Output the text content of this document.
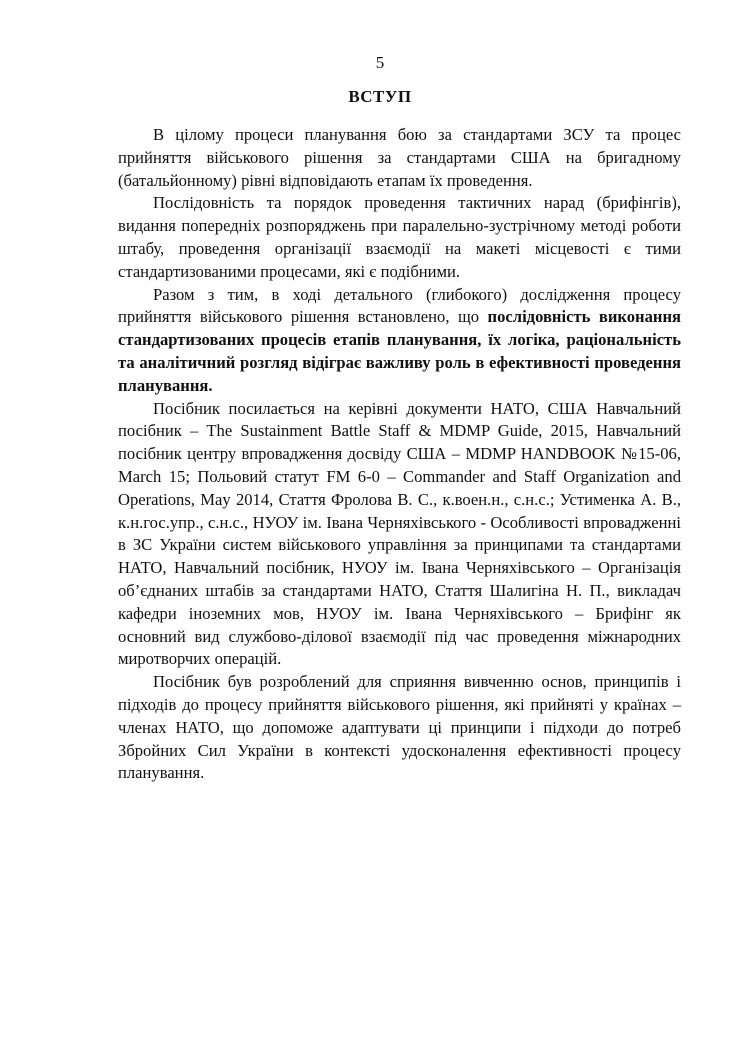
5
ВСТУП

В цілому процеси планування бою за стандартами ЗСУ та процес прийняття військового рішення за стандартами США на бригадному (батальйонному) рівні відповідають етапам їх проведення.

Послідовність та порядок проведення тактичних нарад (брифінгів), видання попередніх розпоряджень при паралельно-зустрічному методі роботи штабу, проведення організації взаємодії на макеті місцевості є тими стандартизованими процесами, які є подібними.

Разом з тим, в ході детального (глибокого) дослідження процесу прийняття військового рішення встановлено, що послідовність виконання стандартизованих процесів етапів планування, їх логіка, раціональність та аналітичний розгляд відіграє важливу роль в ефективності проведення планування.

Посібник посилається на керівні документи НАТО, США Навчальний посібник – The Sustainment Battle Staff & MDMP Guide, 2015, Навчальний посібник центру впровадження досвіду США – MDMP HANDBOOK №15-06, March 15; Польовий статут FM 6-0 – Commander and Staff Organization and Operations, May 2014, Стаття Фролова В. С., к.воен.н., с.н.с.; Устименка А. В., к.н.гос.упр., с.н.с., НУОУ ім. Івана Черняхівського - Особливості впровадженні в ЗС України систем військового управління за принципами та стандартами НАТО, Навчальний посібник, НУОУ ім. Івана Черняхівського – Організація об’єднаних штабів за стандартами НАТО, Стаття Шалигіна Н. П., викладач кафедри іноземних мов, НУОУ ім. Івана Черняхівського – Брифінг як основний вид службово-ділової взаємодії під час проведення міжнародних миротворчих операцій.

Посібник був розроблений для сприяння вивченню основ, принципів і підходів до процесу прийняття військового рішення, які прийняті у країнах – членах НАТО, що допоможе адаптувати ці принципи і підходи до потреб Збройних Сил України в контексті удосконалення ефективності процесу планування.
